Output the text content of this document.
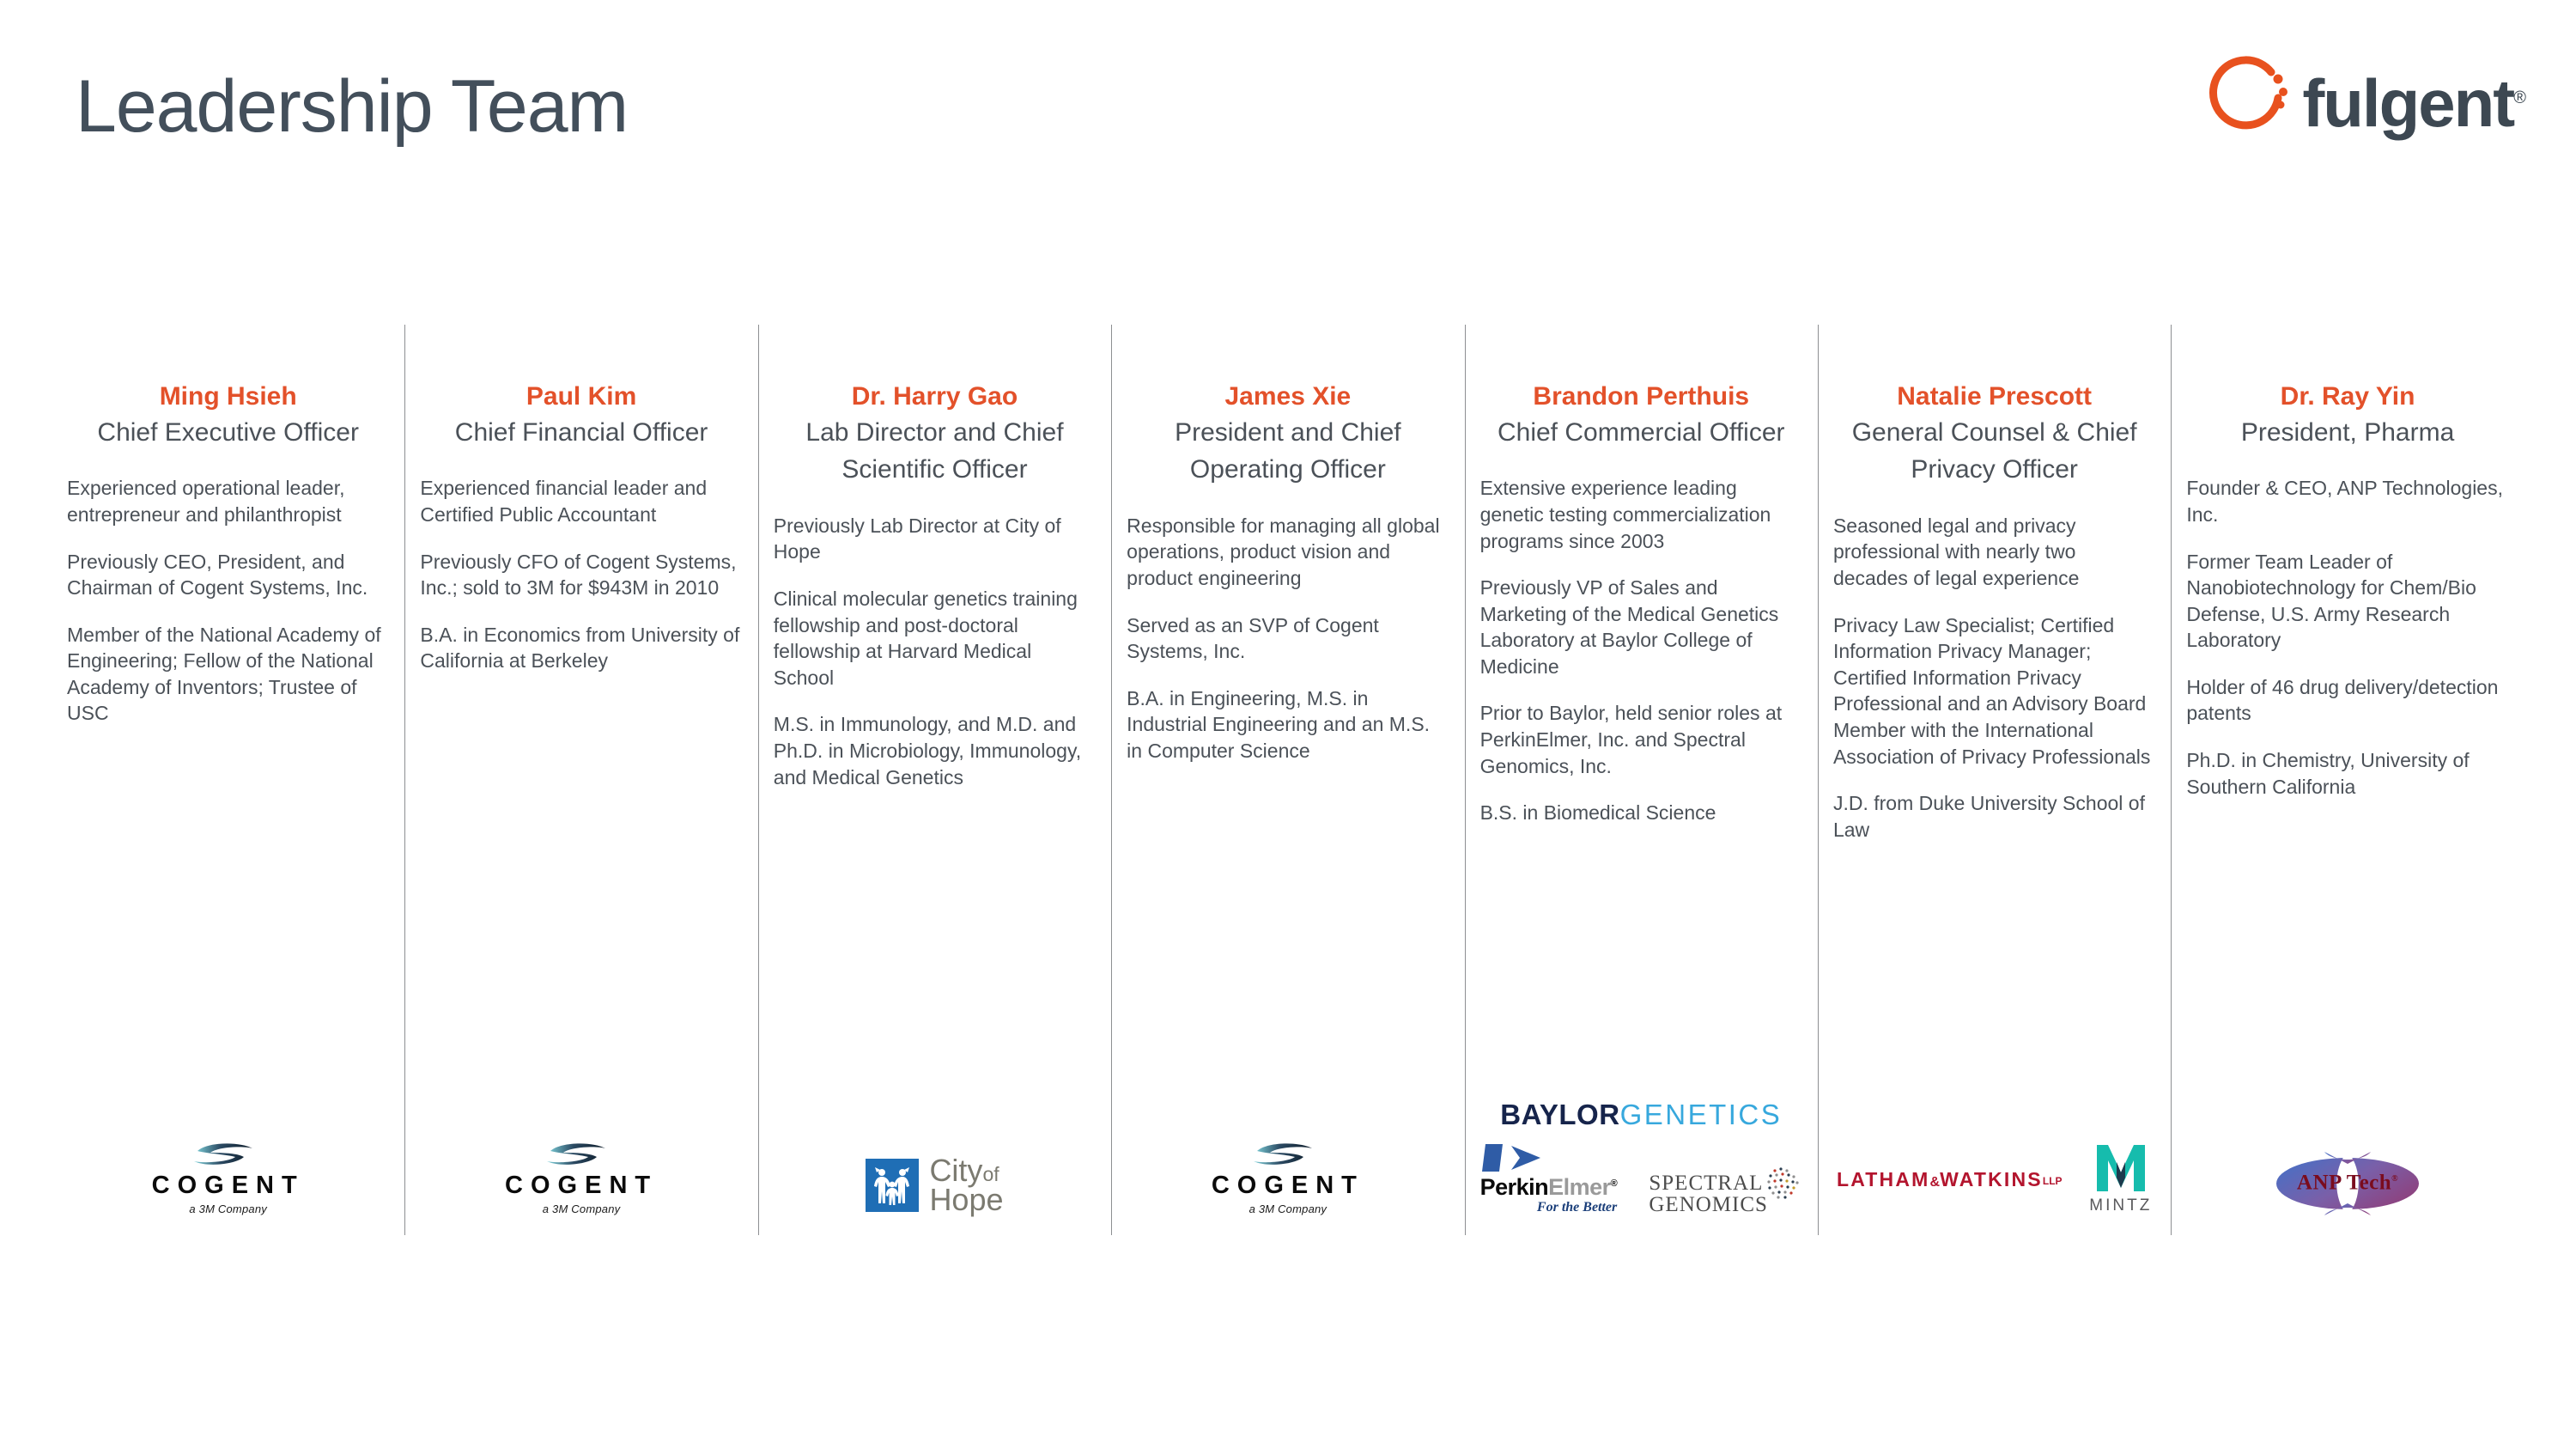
Leadership Team	fulgent®
Ming Hsieh
Chief Executive Officer

Experienced operational leader, entrepreneur and philanthropist

Previously CEO, President, and Chairman of Cogent Systems, Inc.

Member of the National Academy of Engineering; Fellow of the National Academy of Inventors; Trustee of USC

COGENT
a 3M Company
Paul Kim
Chief Financial Officer

Experienced financial leader and Certified Public Accountant

Previously CFO of Cogent Systems, Inc.; sold to 3M for $943M in 2010

B.A. in Economics from University of California at Berkeley

COGENT
a 3M Company
Dr. Harry Gao
Lab Director and Chief Scientific Officer

Previously Lab Director at City of Hope

Clinical molecular genetics training fellowship and post-doctoral fellowship at Harvard Medical School

M.S. in Immunology, and M.D. and Ph.D. in Microbiology, Immunology, and Medical Genetics

Cityof
Hope
James Xie
President and Chief Operating Officer

Responsible for managing all global operations, product vision and product engineering

Served as an SVP of Cogent Systems, Inc.

B.A. in Engineering, M.S. in Industrial Engineering and an M.S. in Computer Science

COGENT
a 3M Company
Brandon Perthuis
Chief Commercial Officer

Extensive experience leading genetic testing commercialization programs since 2003

Previously VP of Sales and Marketing of the Medical Genetics Laboratory at Baylor College of Medicine

Prior to Baylor, held senior roles at PerkinElmer, Inc. and Spectral Genomics, Inc.

B.S. in Biomedical Science

BAYLORGENETICS
PerkinElmer®
For the Better
SPECTRAL
GENOMICS
Natalie Prescott
General Counsel & Chief Privacy Officer

Seasoned legal and privacy professional with nearly two decades of legal experience

Privacy Law Specialist; Certified Information Privacy Manager; Certified Information Privacy Professional and an Advisory Board Member with the International Association of Privacy Professionals

J.D. from Duke University School of Law

LATHAM&WATKINSLLP
MINTZ
Dr. Ray Yin
President, Pharma

Founder & CEO, ANP Technologies, Inc.

Former Team Leader of Nanobiotechnology for Chem/Bio Defense, U.S. Army Research Laboratory

Holder of 46 drug delivery/detection patents

Ph.D. in Chemistry, University of Southern California

ANP Tech®
